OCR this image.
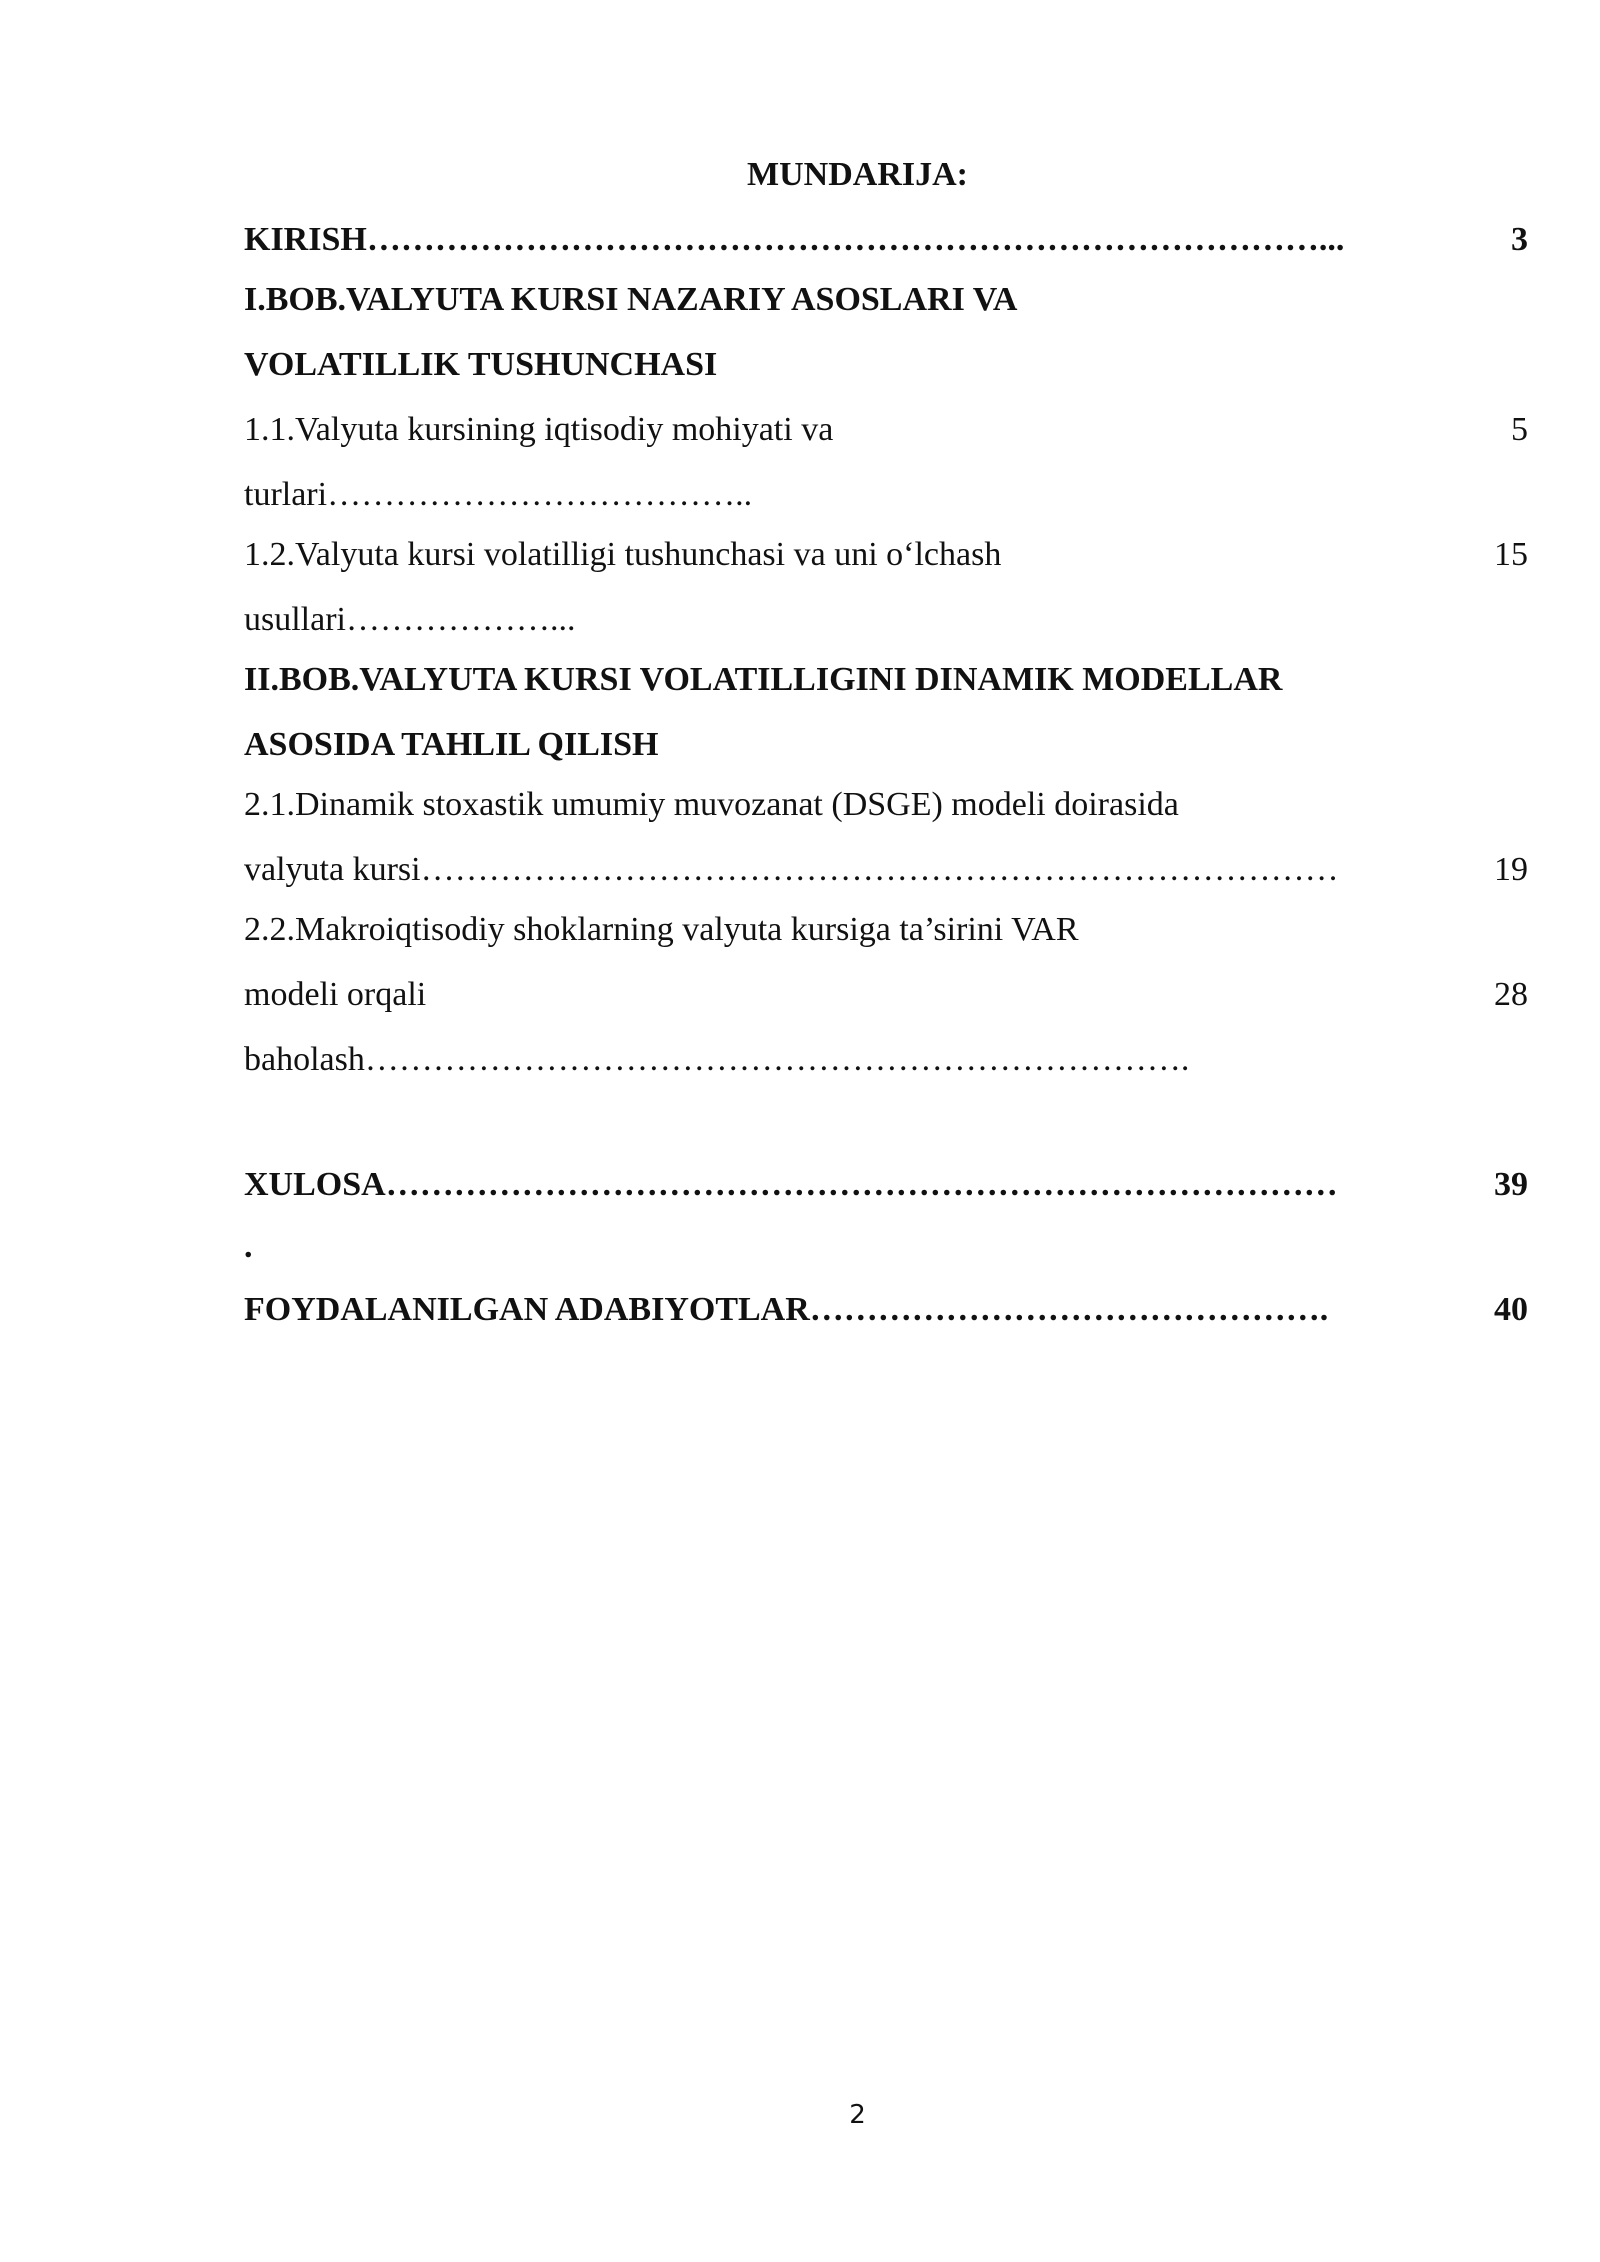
MUNDARIJA:
KIRISH…………………………………………………………………………...	3
I.BOB.VALYUTA KURSI NAZARIY ASOSLARI VA
VOLATILLIK TUSHUNCHASI
1.1.Valyuta kursining iqtisodiy mohiyati va	5
turlari………………………………..
1.2.Valyuta kursi volatilligi tushunchasi va uni o‘lchash	15
usullari………………...
II.BOB.VALYUTA KURSI VOLATILLIGINI DINAMIK MODELLAR
ASOSIDA TAHLIL QILISH
2.1.Dinamik stoxastik umumiy muvozanat (DSGE) modeli doirasida
valyuta kursi………………………………………………………………………	19
2.2.Makroiqtisodiy shoklarning valyuta kursiga ta’sirini VAR
modeli orqali	28
baholash……………………………………………………………….
XULOSA…………………………………………………………………………	39
.
FOYDALANILGAN ADABIYOTLAR……………………………………….	40
2
